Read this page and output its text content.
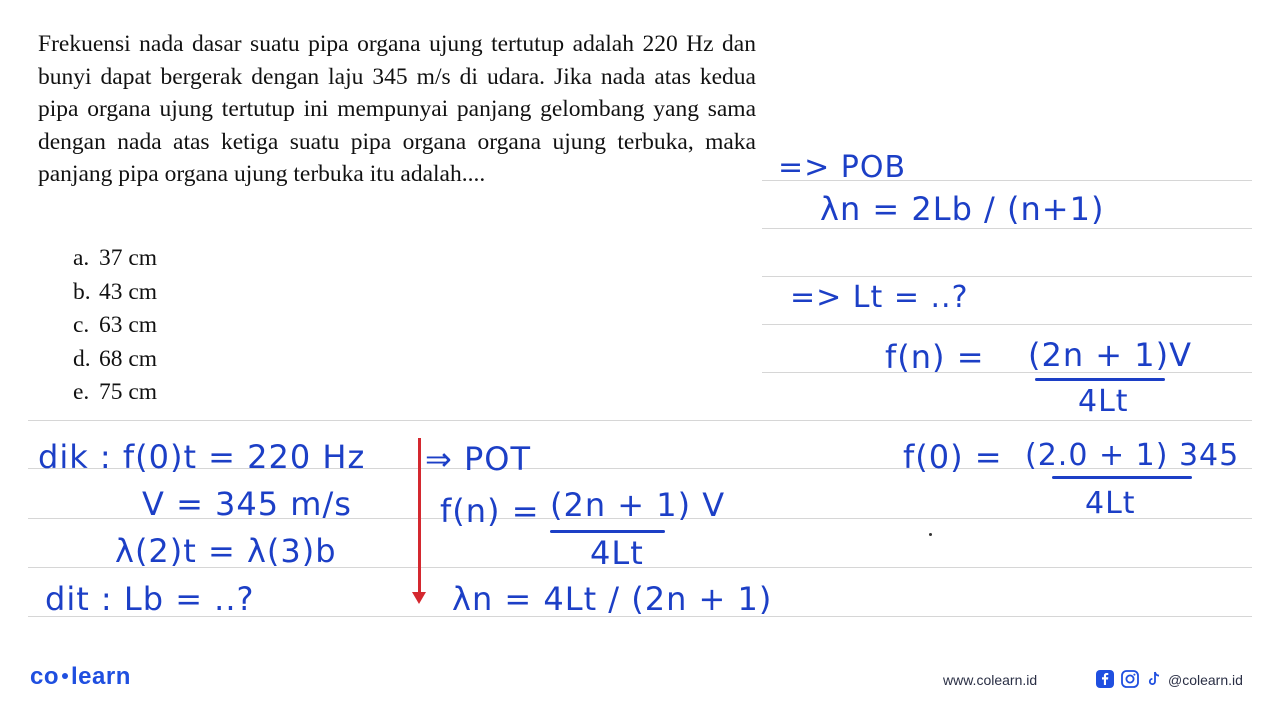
Frekuensi nada dasar suatu pipa organa ujung tertutup adalah 220 Hz dan bunyi dapat bergerak dengan laju 345 m/s di udara. Jika nada atas kedua pipa organa ujung tertutup ini mempunyai panjang gelombang yang sama dengan nada atas ketiga suatu pipa organa organa ujung terbuka, maka panjang pipa organa ujung terbuka itu adalah....
a. 37 cm
b. 43 cm
c. 63 cm
d. 68 cm
e. 75 cm
=> POB
λn = 2Lb / (n+1)
=> Lt = ..?
f(n) = (2n + 1)V
4Lt
f(0) = (2.0 + 1) 345
4Lt
dik : f(0)t = 220 Hz
V = 345 m/s
λ(2)t = λ(3)b
dit : Lb = ..?
⇒ POT
f(n) = (2n + 1) V
4Lt
λn = 4Lt / (2n + 1)
co learn	www.colearn.id	@colearn.id
